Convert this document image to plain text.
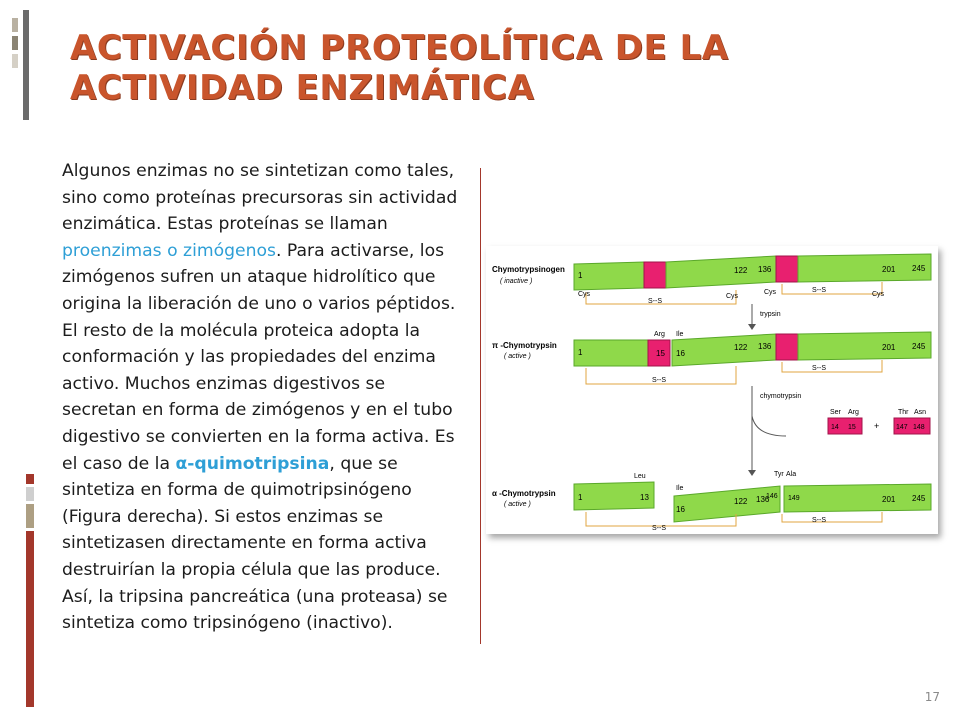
ACTIVACIÓN PROTEOLÍTICA DE LA ACTIVIDAD ENZIMÁTICA

Algunos enzimas no se sintetizan como tales, sino como proteínas precursoras sin actividad enzimática. Estas proteínas se llaman proenzimas o zimógenos. Para activarse, los zimógenos sufren un ataque hidrolítico que origina la liberación de uno o varios péptidos. El resto de la molécula proteica adopta la conformación y las propiedades del enzima activo. Muchos enzimas digestivos se secretan en forma de zimógenos y en el tubo digestivo se convierten en la forma activa. Es el caso de la α-quimotripsina, que se sintetiza en forma de quimotripsinógeno (Figura derecha). Si estos enzimas se sintetizasen directamente en forma activa destruirían la propia célula que las produce. Así, la tripsina pancreática (una proteasa) se sintetiza como tripsinógeno (inactivo).

Chymotrypsinogen
( inactive )
1
122 136	201 245
Cys
S--S
Cys
Cys	S--S
Cys
trypsin
π -Chymotrypsin
( active )
Arg Ile
1	15 16
122 136	201 245
S--S
S--S
chymotrypsin
Ser Arg
14 15 +
Thr Asn
147 148
α -Chymotrypsin
( active )
Leu
Ile
Tyr Ala
1	13
16
122 136
146 149	201 245
S--S
S--S
17
